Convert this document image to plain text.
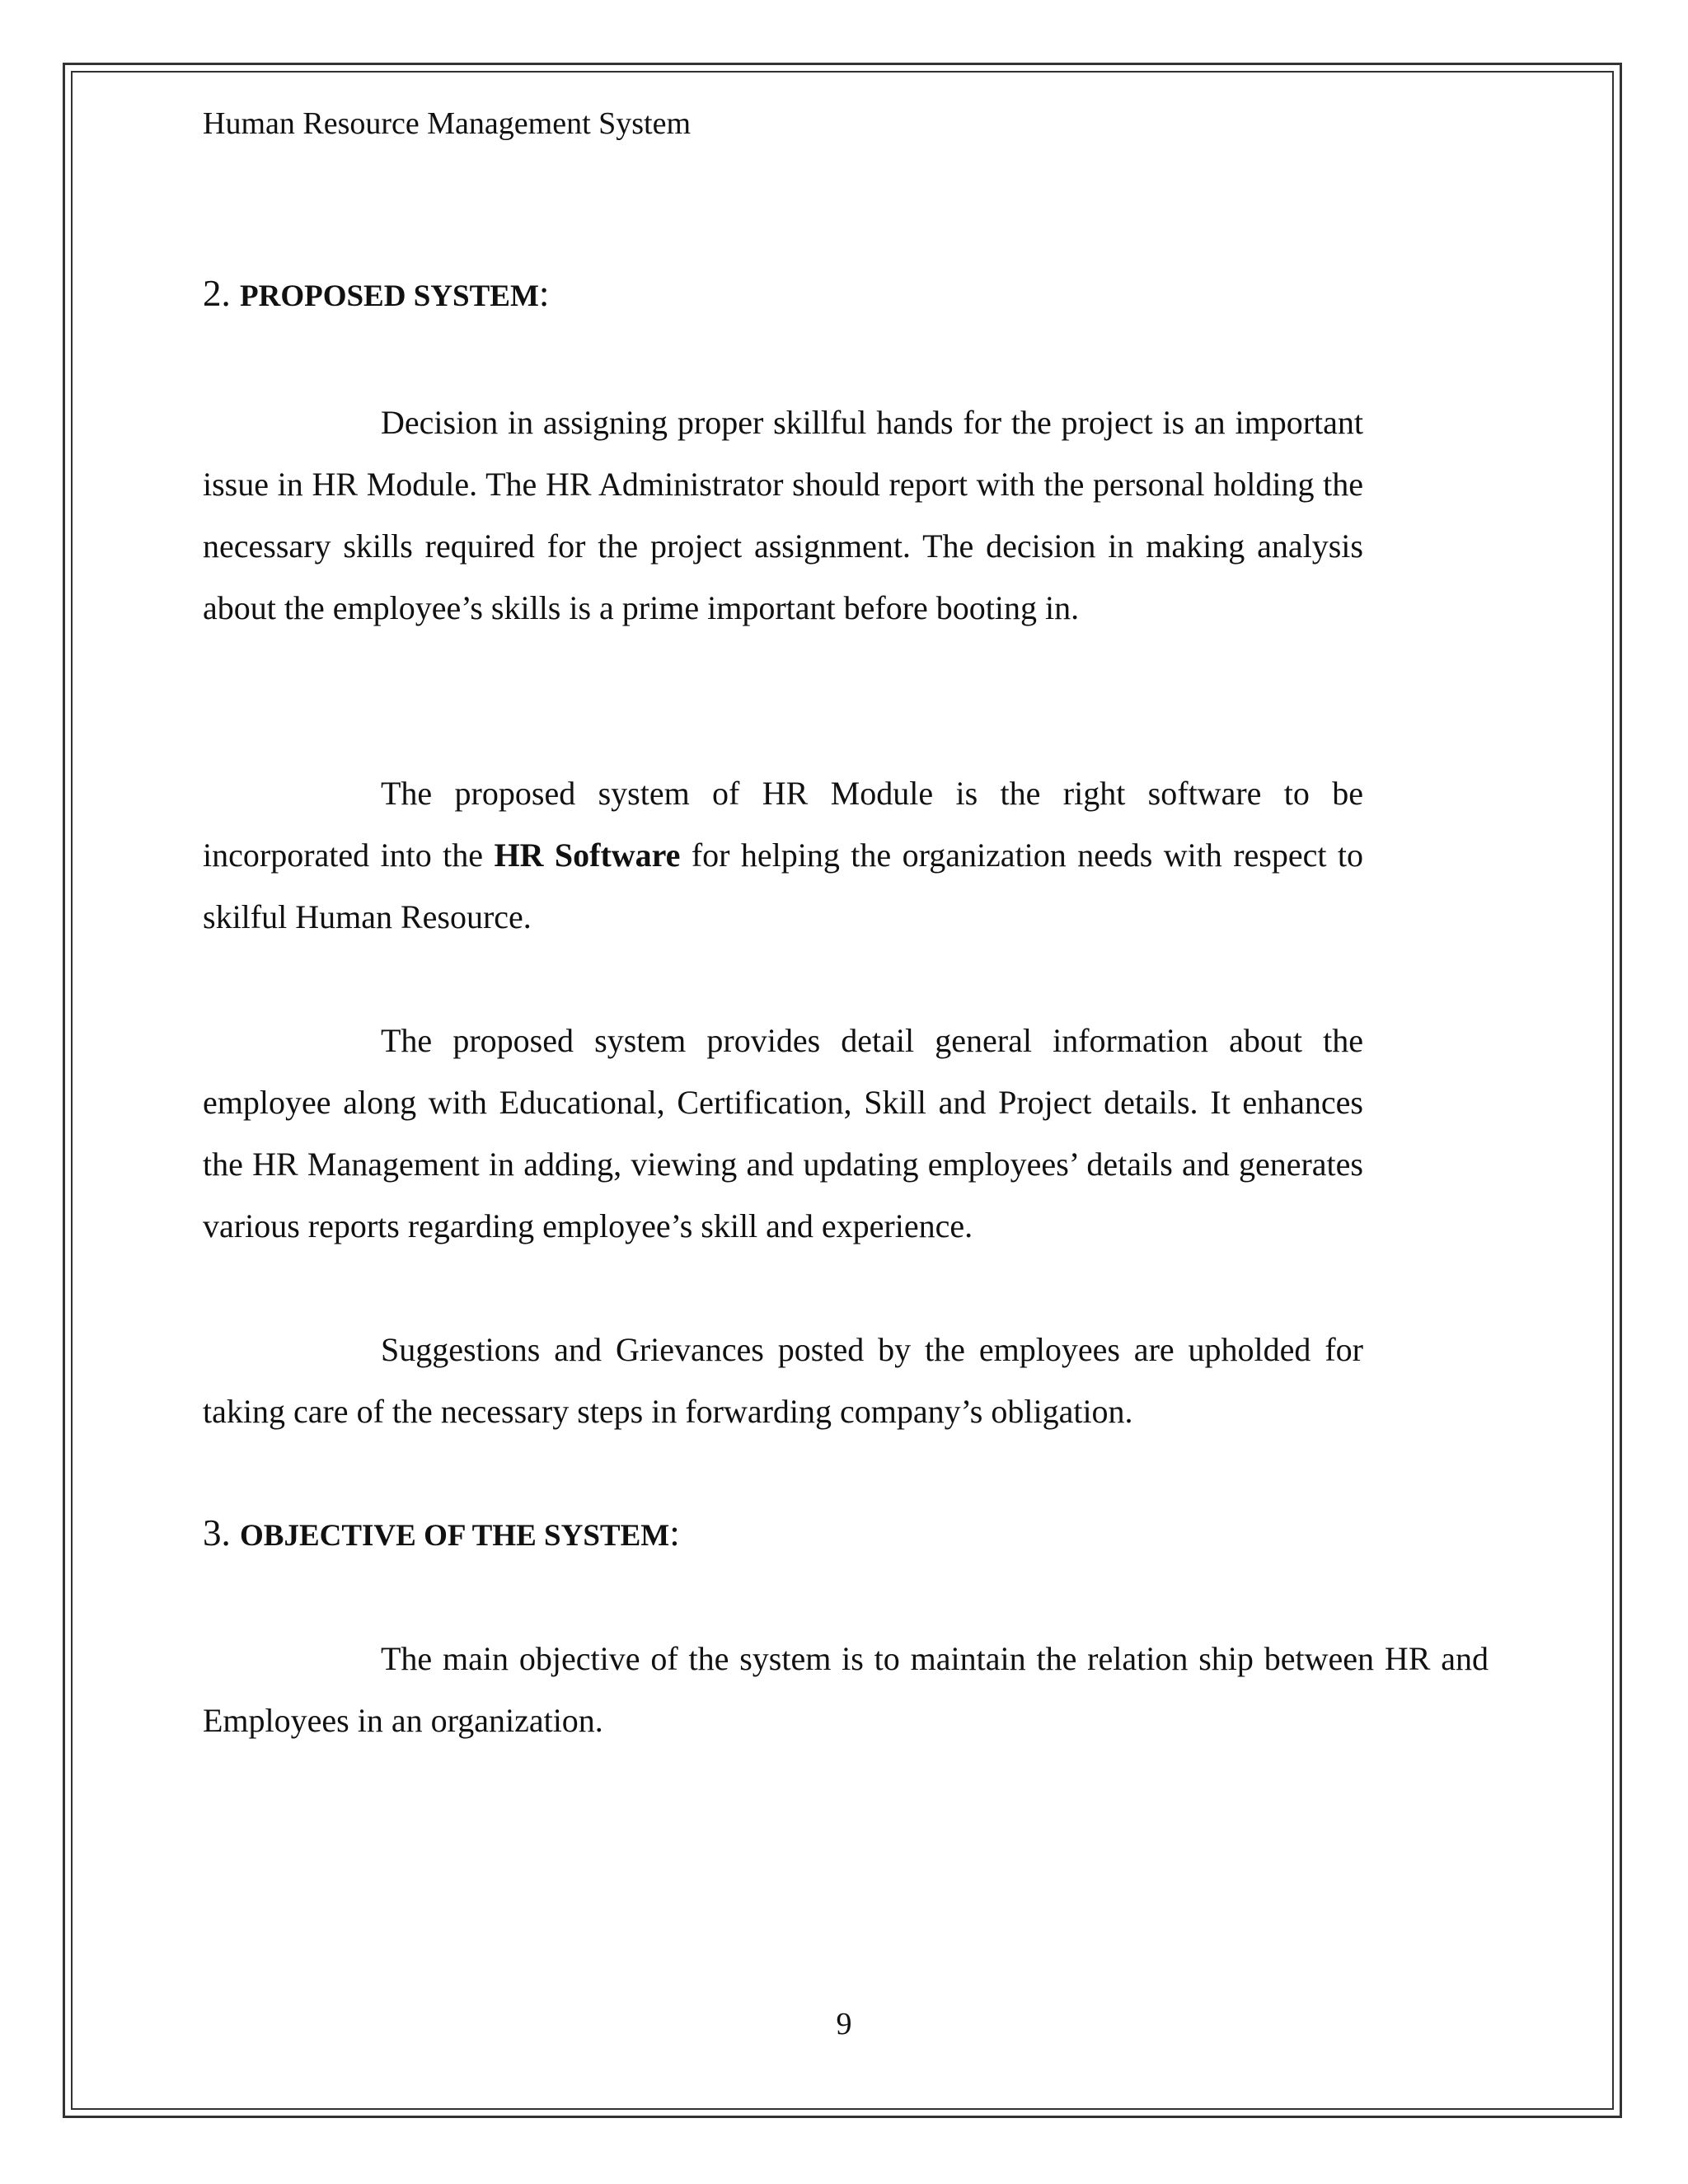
Human Resource Management System
2. PROPOSED SYSTEM:

Decision in assigning proper skillful hands for the project is an important issue in HR Module. The HR Administrator should report with the personal holding the necessary skills required for the project assignment. The decision in making analysis about the employee’s skills is a prime important before booting in.

The proposed system of HR Module is the right software to be incorporated into the HR Software for helping the organization needs with respect to skilful Human Resource.

The proposed system provides detail general information about the employee along with Educational, Certification, Skill and Project details. It enhances the HR Management in adding, viewing and updating employees’ details and generates various reports regarding employee’s skill and experience.

Suggestions and Grievances posted by the employees are upholded for taking care of the necessary steps in forwarding company’s obligation.

3. OBJECTIVE OF THE SYSTEM:

The main objective of the system is to maintain the relation ship between HR and Employees in an organization.

9
